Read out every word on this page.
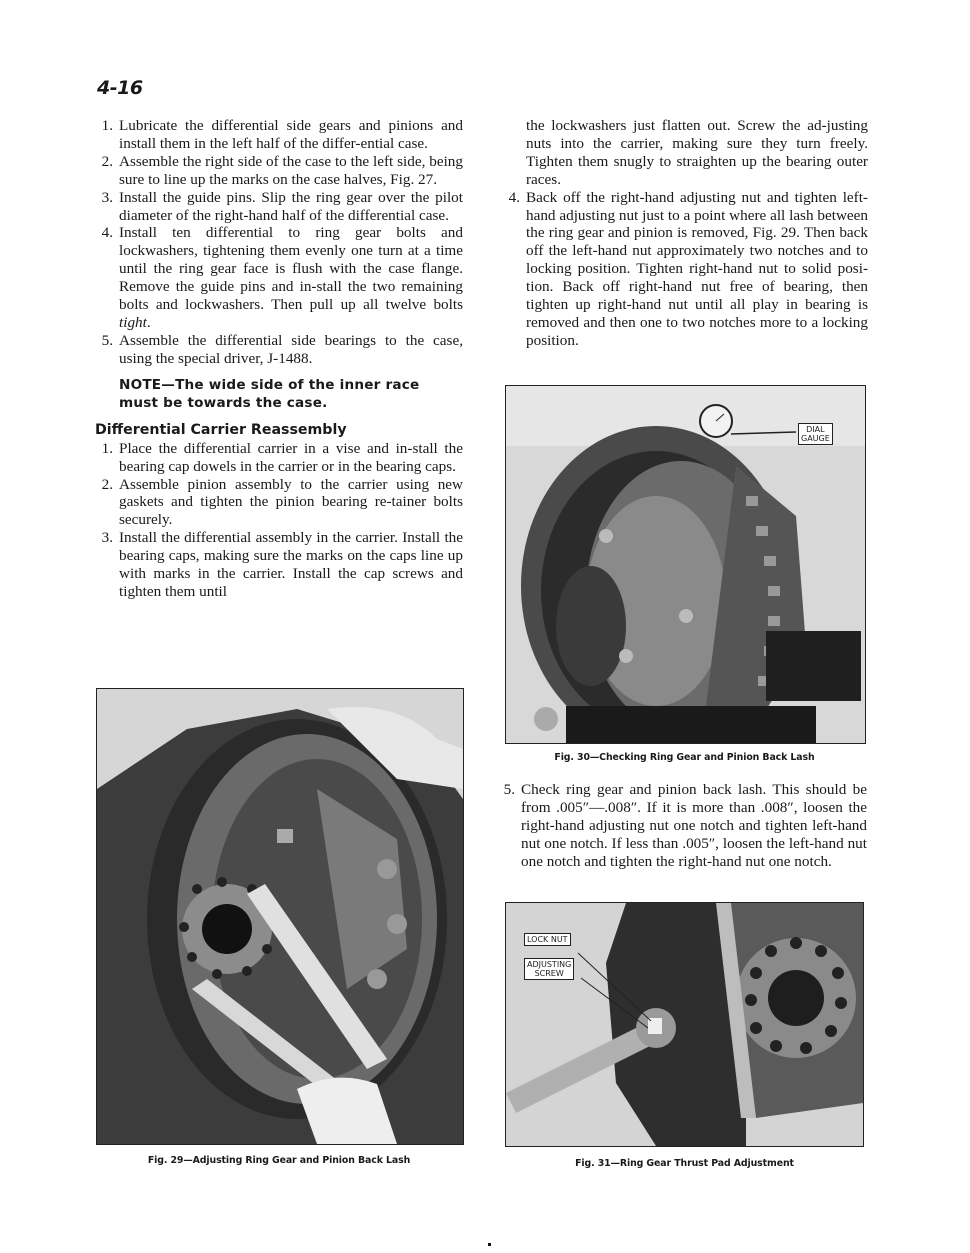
4-16

1. Lubricate the differential side gears and pinions and install them in the left half of the differ-ential case.

2. Assemble the right side of the case to the left side, being sure to line up the marks on the case halves, Fig. 27.

3. Install the guide pins. Slip the ring gear over the pilot diameter of the right-hand half of the differential case.

4. Install ten differential to ring gear bolts and lockwashers, tightening them evenly one turn at a time until the ring gear face is flush with the case flange. Remove the guide pins and in-stall the two remaining bolts and lockwashers. Then pull up all twelve bolts tight.

5. Assemble the differential side bearings to the case, using the special driver, J-1488.

NOTE—The wide side of the inner race must be towards the case.

Differential Carrier Reassembly

1. Place the differential carrier in a vise and in-stall the bearing cap dowels in the carrier or in the bearing caps.

2. Assemble pinion assembly to the carrier using new gaskets and tighten the pinion bearing re-tainer bolts securely.

3. Install the differential assembly in the carrier. Install the bearing caps, making sure the marks on the caps line up with marks in the carrier. Install the cap screws and tighten them until

the lockwashers just flatten out. Screw the ad-justing nuts into the carrier, making sure they turn freely. Tighten them snugly to straighten up the bearing outer races.

4. Back off the right-hand adjusting nut and tighten left-hand adjusting nut just to a point where all lash between the ring gear and pinion is removed, Fig. 29. Then back off the left-hand nut approximately two notches and to locking position. Tighten right-hand nut to solid posi-tion. Back off right-hand nut free of bearing, then tighten up right-hand nut until all play in bearing is removed and then one to two notches more to a locking position.

DIAL
GAUGE
Fig. 30—Checking Ring Gear and Pinion Back Lash

5. Check ring gear and pinion back lash. This should be from .005″—.008″. If it is more than .008″, loosen the right-hand adjusting nut one notch and tighten left-hand nut one notch. If less than .005″, loosen the left-hand nut one notch and tighten the right-hand nut one notch.

Fig. 29—Adjusting Ring Gear and Pinion Back Lash
LOCK NUT
ADJUSTING
SCREW
Fig. 31—Ring Gear Thrust Pad Adjustment
